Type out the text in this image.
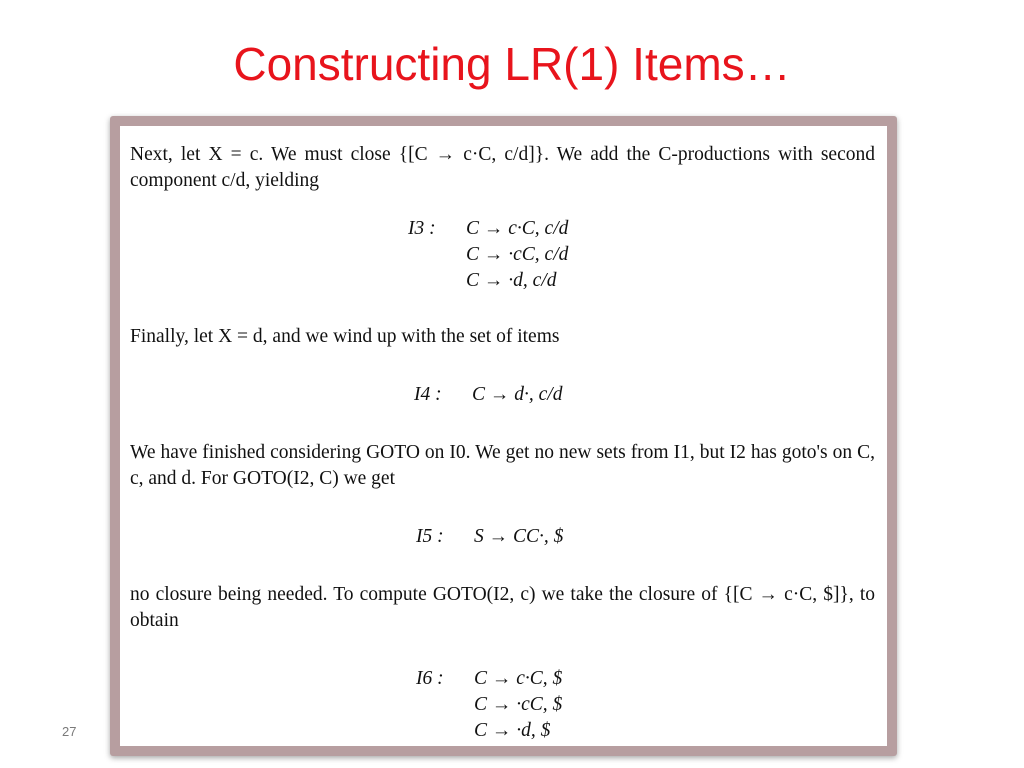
Constructing LR(1) Items…

Next, let X = c. We must close {[C → c·C, c/d]}. We add the C-productions with second component c/d, yielding

I3 :	C → c·C, c/d
C → ·cC, c/d
C → ·d, c/d

Finally, let X = d, and we wind up with the set of items

I4 :	C → d·, c/d

We have finished considering GOTO on I0. We get no new sets from I1, but I2 has goto's on C, c, and d. For GOTO(I2, C) we get

I5 :	S → CC·, $

no closure being needed. To compute GOTO(I2, c) we take the closure of {[C → c·C, $]}, to obtain

I6 :	C → c·C, $
C → ·cC, $
C → ·d, $
27
